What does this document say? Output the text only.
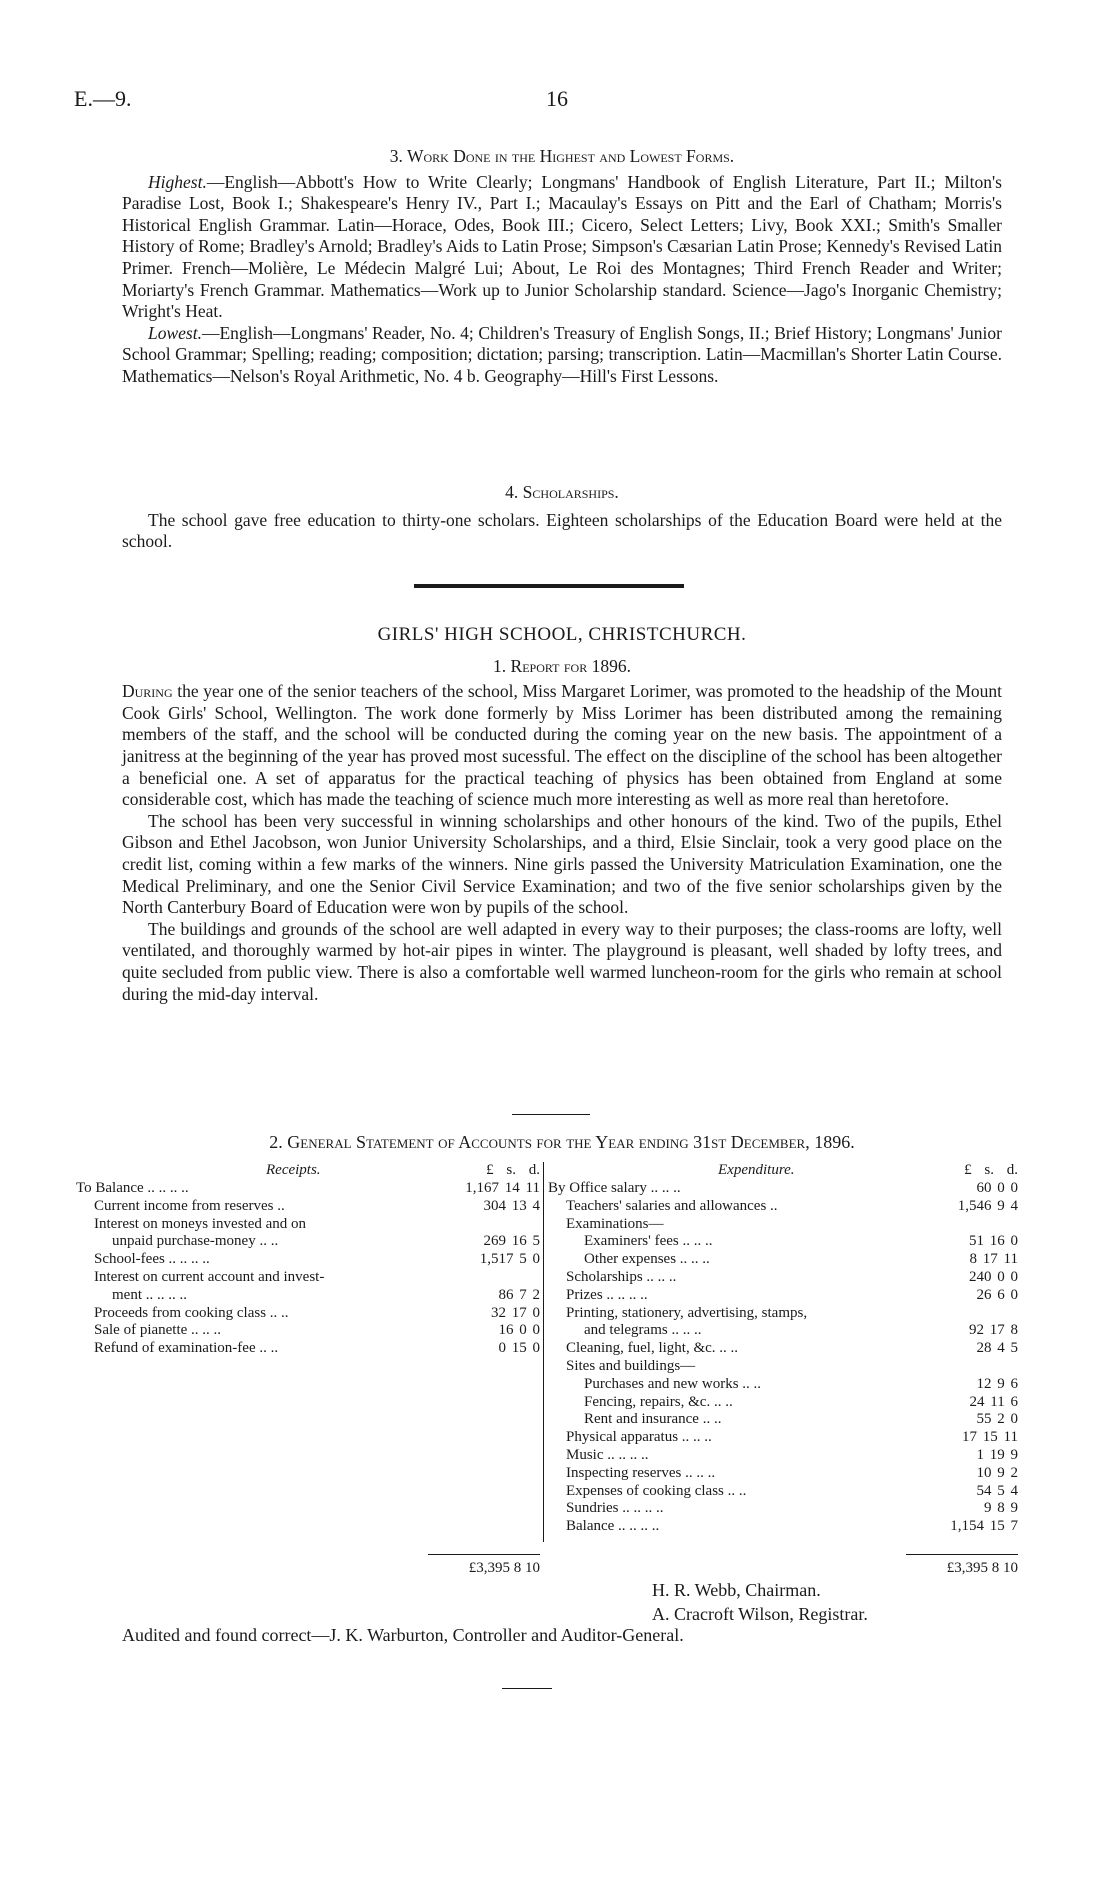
E.—9.	16

3. Work Done in the Highest and Lowest Forms.

Highest.—English—Abbott's How to Write Clearly; Longmans' Handbook of English Literature, Part II.; Milton's Paradise Lost, Book I.; Shakespeare's Henry IV., Part I.; Macaulay's Essays on Pitt and the Earl of Chatham; Morris's Historical English Grammar. Latin—Horace, Odes, Book III.; Cicero, Select Letters; Livy, Book XXI.; Smith's Smaller History of Rome; Bradley's Arnold; Bradley's Aids to Latin Prose; Simpson's Cæsarian Latin Prose; Kennedy's Revised Latin Primer. French—Molière, Le Médecin Malgré Lui; About, Le Roi des Montagnes; Third French Reader and Writer; Moriarty's French Grammar. Mathematics—Work up to Junior Scholarship standard. Science—Jago's Inorganic Chemistry; Wright's Heat.

Lowest.—English—Longmans' Reader, No. 4; Children's Treasury of English Songs, II.; Brief History; Longmans' Junior School Grammar; Spelling; reading; composition; dictation; parsing; transcription. Latin—Macmillan's Shorter Latin Course. Mathematics—Nelson's Royal Arithmetic, No. 4 b. Geography—Hill's First Lessons.

4. Scholarships.

The school gave free education to thirty-one scholars. Eighteen scholarships of the Education Board were held at the school.

GIRLS' HIGH SCHOOL, CHRISTCHURCH.

1. Report for 1896.

During the year one of the senior teachers of the school, Miss Margaret Lorimer, was promoted to the headship of the Mount Cook Girls' School, Wellington. The work done formerly by Miss Lorimer has been distributed among the remaining members of the staff, and the school will be conducted during the coming year on the new basis. The appointment of a janitress at the beginning of the year has proved most sucessful. The effect on the discipline of the school has been altogether a beneficial one. A set of apparatus for the practical teaching of physics has been obtained from England at some considerable cost, which has made the teaching of science much more interesting as well as more real than heretofore.

The school has been very successful in winning scholarships and other honours of the kind. Two of the pupils, Ethel Gibson and Ethel Jacobson, won Junior University Scholarships, and a third, Elsie Sinclair, took a very good place on the credit list, coming within a few marks of the winners. Nine girls passed the University Matriculation Examination, one the Medical Preliminary, and one the Senior Civil Service Examination; and two of the five senior scholarships given by the North Canterbury Board of Education were won by pupils of the school.

The buildings and grounds of the school are well adapted in every way to their purposes; the class-rooms are lofty, well ventilated, and thoroughly warmed by hot-air pipes in winter. The playground is pleasant, well shaded by lofty trees, and quite secluded from public view. There is also a comfortable well warmed luncheon-room for the girls who remain at school during the mid-day interval.

2. General Statement of Accounts for the Year ending 31st December, 1896.

Receipts.	£ s. d.
To Balance .. .. .. ..	1,167 14 11
Current income from reserves ..	304 13 4
Interest on moneys invested and on
unpaid purchase-money .. ..	269 16 5
School-fees .. .. .. ..	1,517 5 0
Interest on current account and invest-
ment .. .. .. ..	86 7 2
Proceeds from cooking class .. ..	32 17 0
Sale of pianette .. .. ..	16 0 0
Refund of examination-fee .. ..	0 15 0
£3,395 8 10
Expenditure.	£ s. d.
By Office salary .. .. ..	60 0 0
Teachers' salaries and allowances ..	1,546 9 4
Examinations—
Examiners' fees .. .. ..	51 16 0
Other expenses .. .. ..	8 17 11
Scholarships .. .. ..	240 0 0
Prizes .. .. .. ..	26 6 0
Printing, stationery, advertising, stamps,
and telegrams .. .. ..	92 17 8
Cleaning, fuel, light, &c. .. ..	28 4 5
Sites and buildings—
Purchases and new works .. ..	12 9 6
Fencing, repairs, &c. .. ..	24 11 6
Rent and insurance .. ..	55 2 0
Physical apparatus .. .. ..	17 15 11
Music .. .. .. ..	1 19 9
Inspecting reserves .. .. ..	10 9 2
Expenses of cooking class .. ..	54 5 4
Sundries .. .. .. ..	9 8 9
Balance .. .. .. ..	1,154 15 7
£3,395 8 10
H. R. Webb, Chairman.
A. Cracroft Wilson, Registrar.
Audited and found correct—J. K. Warburton, Controller and Auditor-General.
